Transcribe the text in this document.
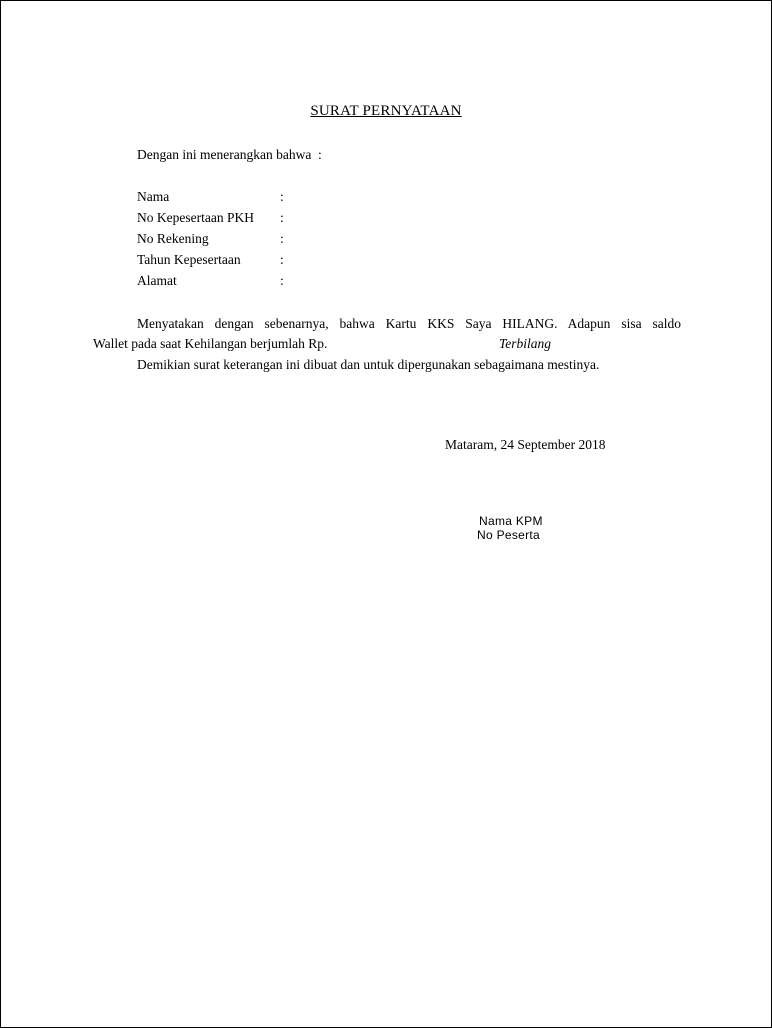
SURAT PERNYATAAN
Dengan ini menerangkan bahwa  :
Nama	:
No Kepesertaan PKH :
No Rekening	:
Tahun Kepesertaan	:
Alamat	:
Menyatakan dengan sebenarnya, bahwa Kartu KKS Saya HILANG. Adapun sisa saldo
Wallet pada saat Kehilangan berjumlah Rp.	Terbilang
Demikian surat keterangan ini dibuat dan untuk dipergunakan sebagaimana mestinya.
Mataram, 24 September 2018
Nama KPM
No Peserta
